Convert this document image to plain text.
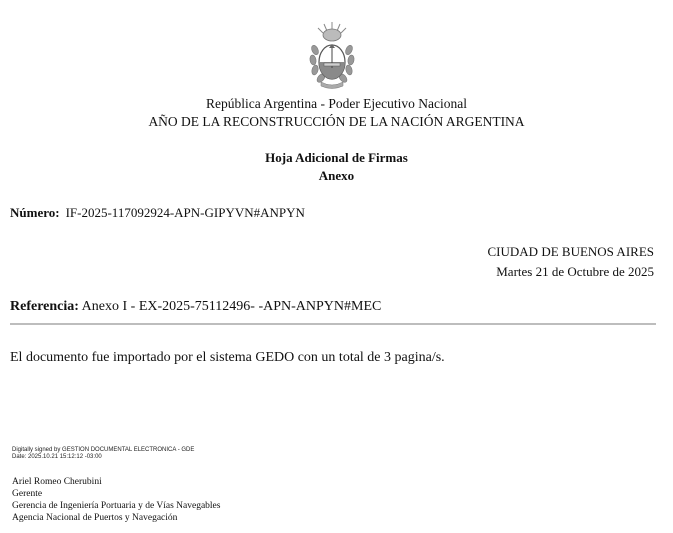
República Argentina - Poder Ejecutivo Nacional
AÑO DE LA RECONSTRUCCIÓN DE LA NACIÓN ARGENTINA
Hoja Adicional de Firmas
Anexo
Número: IF-2025-117092924-APN-GIPYVN#ANPYN
CIUDAD DE BUENOS AIRES
Martes 21 de Octubre de 2025
Referencia: Anexo I - EX-2025-75112496- -APN-ANPYN#MEC
El documento fue importado por el sistema GEDO con un total de 3 pagina/s.
Digitally signed by GESTION DOCUMENTAL ELECTRONICA - GDE
Date: 2025.10.21 15:12:12 -03:00
Ariel Romeo Cherubini
Gerente
Gerencia de Ingeniería Portuaria y de Vías Navegables
Agencia Nacional de Puertos y Navegación
